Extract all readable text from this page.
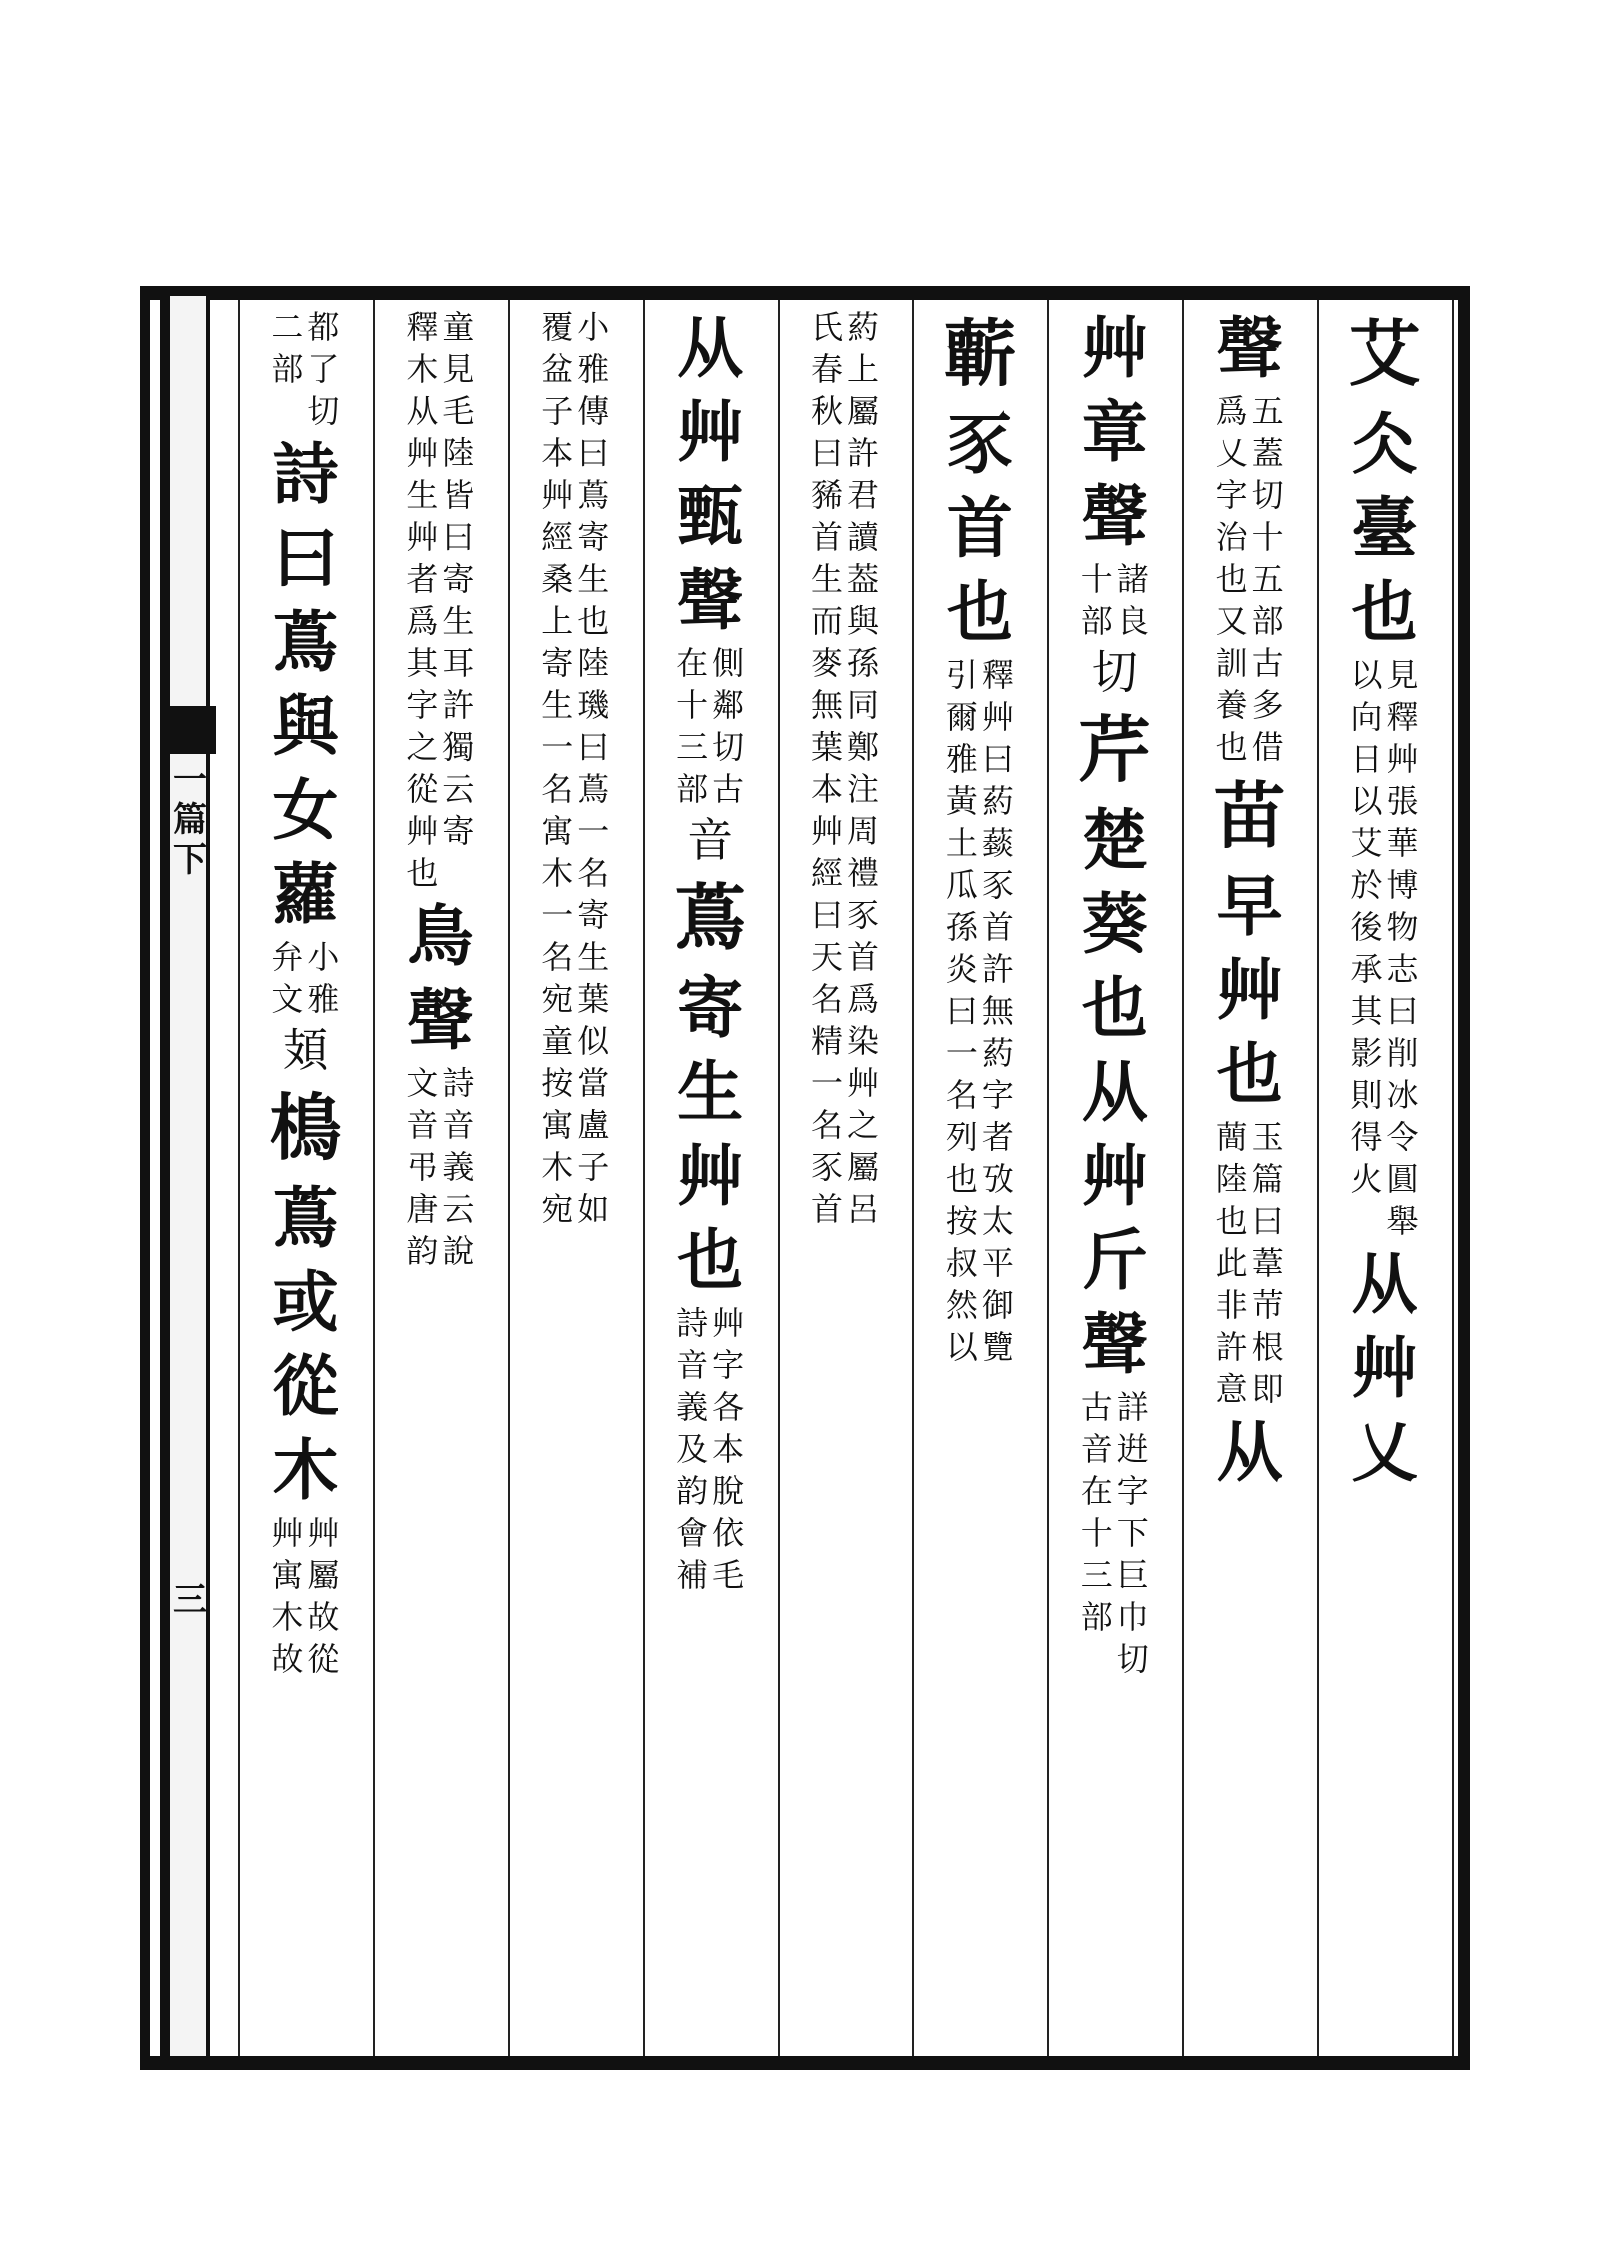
一
篇
下
三
艾
仌
臺
也
見
釋
艸
張
華
博
物
志
曰
削
冰
令
圓
舉
以
向
日
以
艾
於
後
承
其
影
則
得
火
从
艸
乂
聲
五
蓋
切
十
五
部
古
多
借
爲
乂
字
治
也
又
訓
養
也
苗
早
艸
也
玉
篇
曰
葦
䒥
根
即
蕳
陸
也
此
非
許
意
从
艸
章
聲
諸
良
十
部
切
芹
楚
葵
也
从
艸
斤
聲
詳
逬
字
下
巨
巾
切
古
音
在
十
三
部
蘄
豕
首
也
釋
艸
曰
葯
䕭
豕
首
許
無
葯
字
者
攷
太
平
御
覽
引
爾
雅
黃
土
瓜
孫
炎
曰
一
名
列
也
按
叔
然
以
葯
上
屬
許
君
讀
葢
與
孫
同
鄭
注
周
禮
豕
首
爲
染
艸
之
屬
呂
氏
春
秋
曰
豨
首
生
而
麥
無
葉
本
艸
經
曰
天
名
精
一
名
豕
首
从
艸
甄
聲
側
鄰
切
古
在
十
三
部
音
蔦
寄
生
艸
也
艸
字
各
本
脫
依
毛
詩
音
義
及
韵
會
補
小
雅
傳
曰
蔦
寄
生
也
陸
璣
曰
蔦
一
名
寄
生
葉
似
當
盧
子
如
覆
盆
子
本
艸
經
桑
上
寄
生
一
名
寓
木
一
名
宛
童
按
寓
木
宛
童
見
毛
陸
皆
曰
寄
生
耳
許
獨
云
寄
釋
木
从
艸
生
艸
者
爲
其
字
之
從
艸
也
鳥
聲
詩
音
義
云
說
文
音
弔
唐
韵
都
了
切
二
部
詩
曰
蔦
與
女
蘿
小
雅
弁
文
頍
樢
蔦
或
從
木
艸
屬
故
從
艸
寓
木
故
